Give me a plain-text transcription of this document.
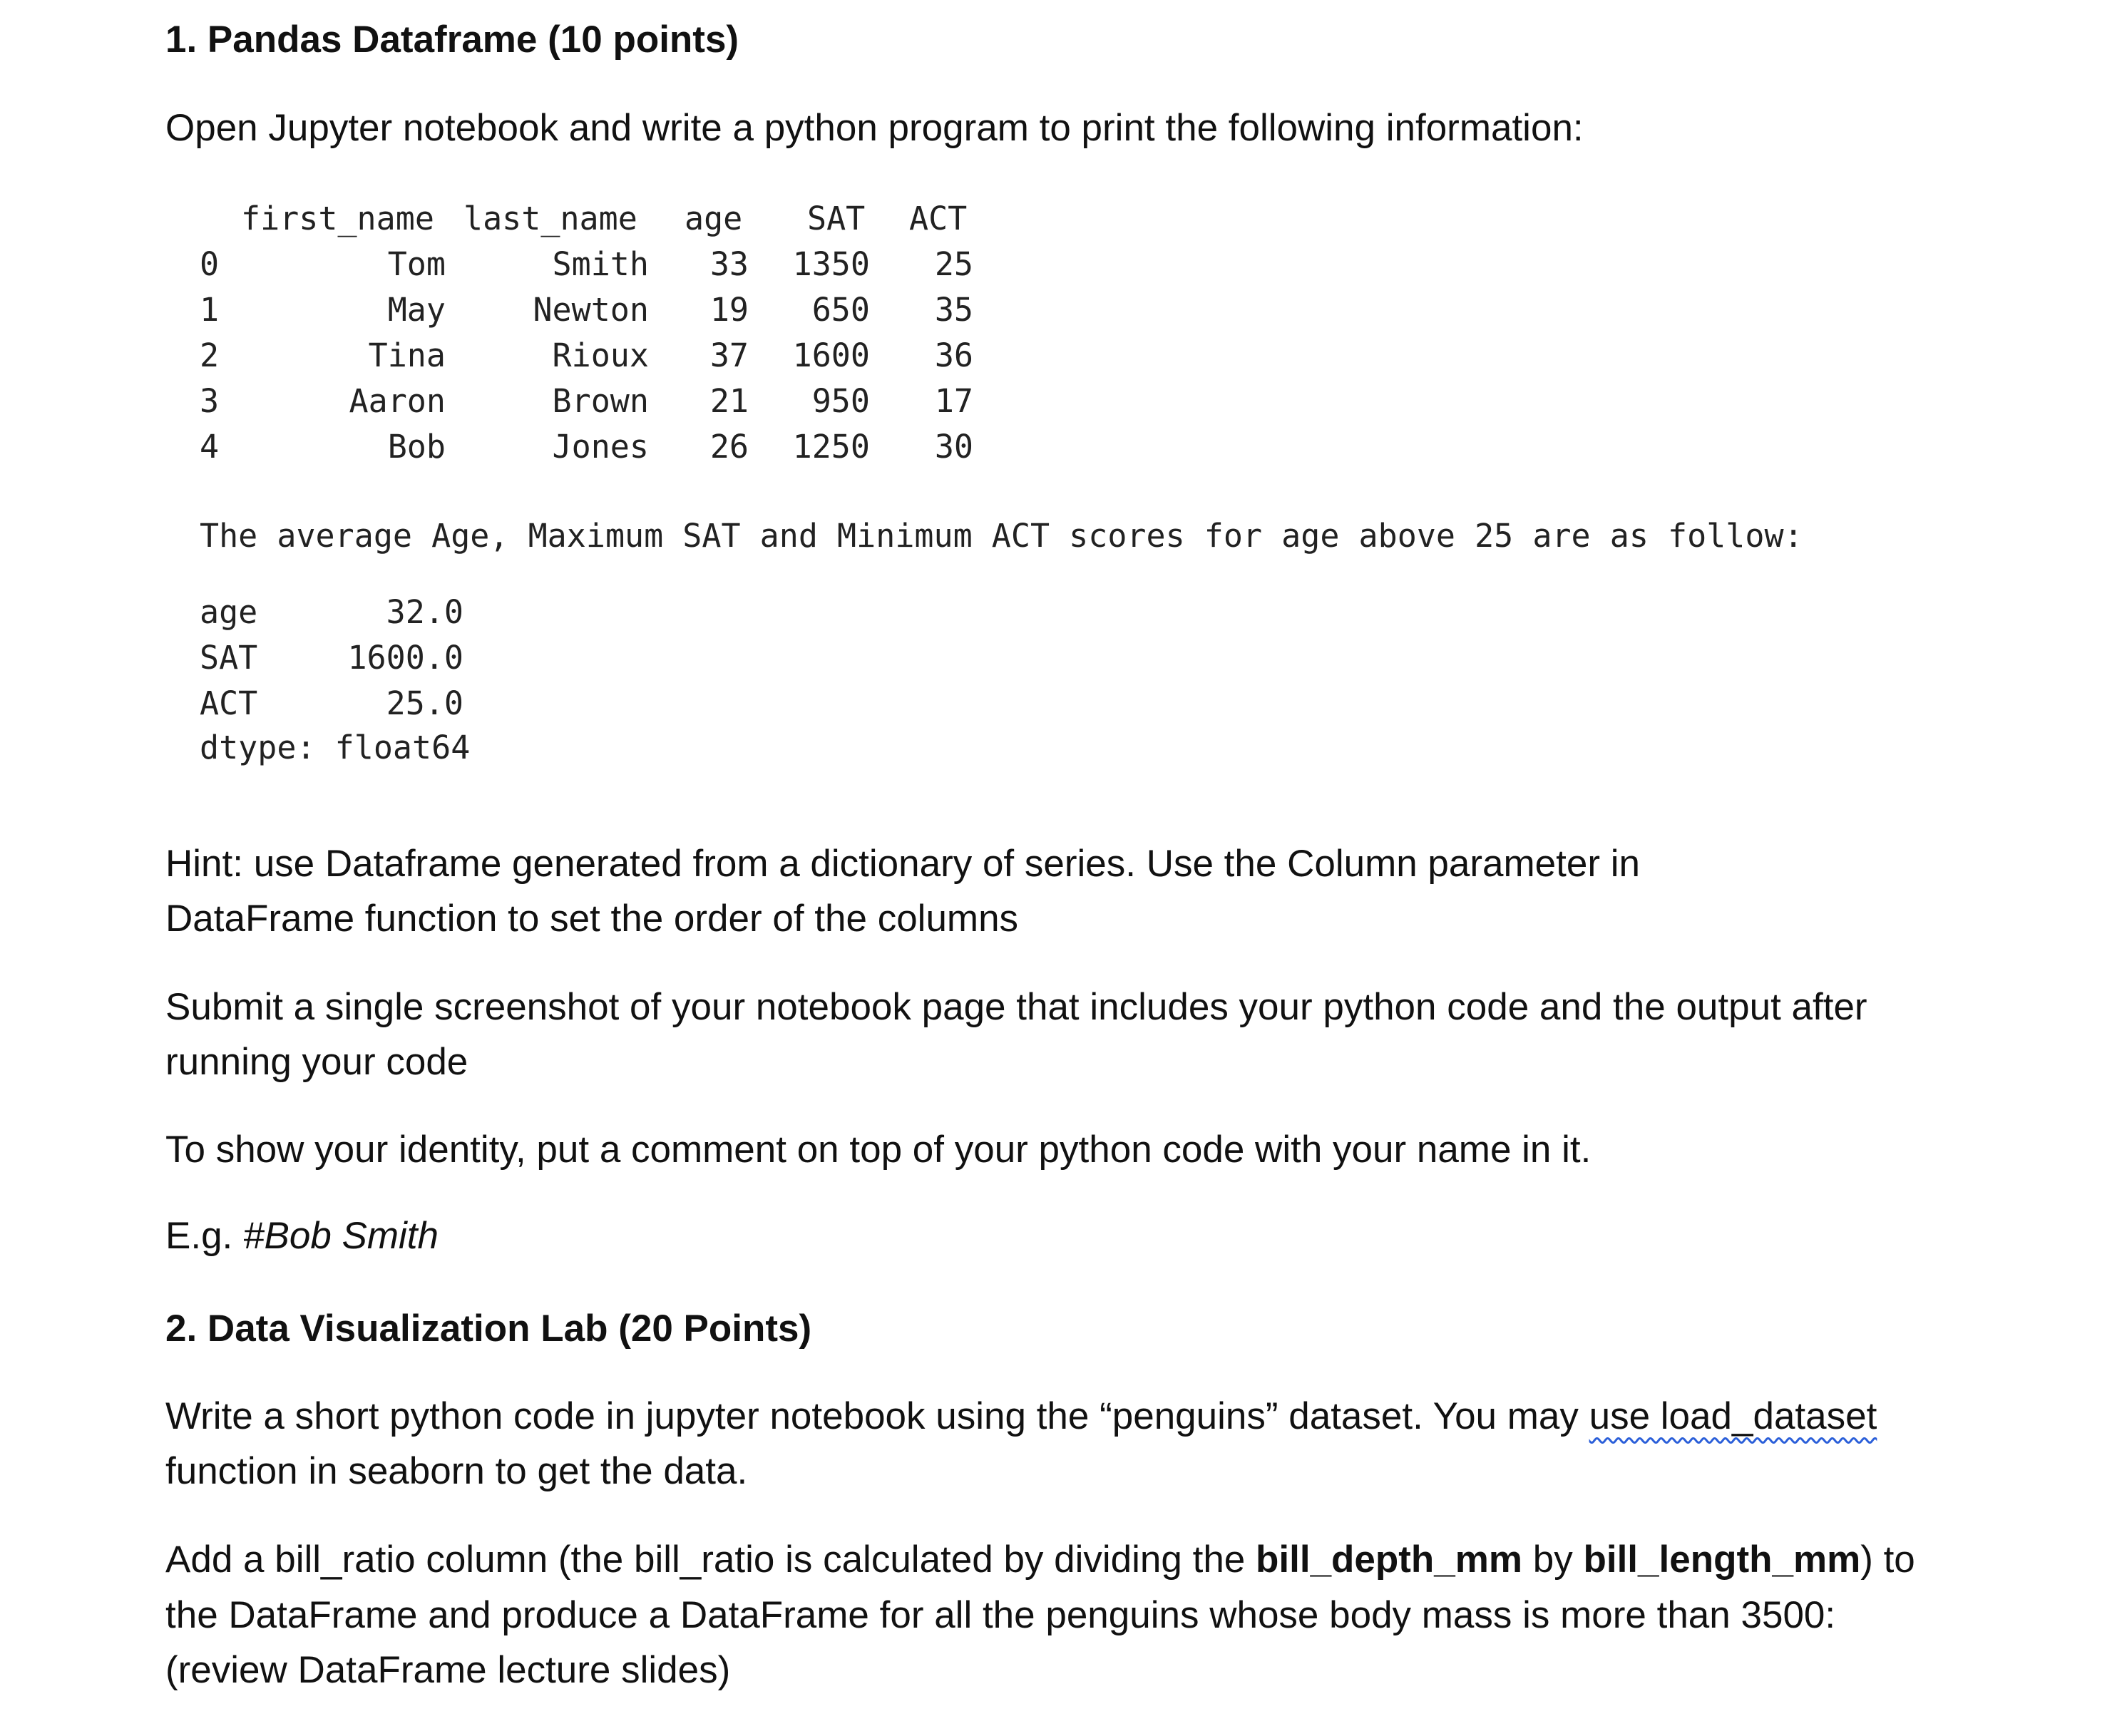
1. Pandas Dataframe (10 points)
Open Jupyter notebook and write a python program to print the following information:
first_name last_name age SAT ACT
0	Tom	Smith	33	1350	25
1	May	Newton	19	650	35
2	Tina	Rioux	37	1600	36
3	Aaron	Brown	21	950	17
4	Bob	Jones	26	1250	30
The average Age, Maximum SAT and Minimum ACT scores for age above 25 are as follow:
age	32.0
SAT	1600.0
ACT	25.0
dtype: float64
Hint: use Dataframe generated from a dictionary of series. Use the Column parameter in
DataFrame function to set the order of the columns
Submit a single screenshot of your notebook page that includes your python code and the output after
running your code
To show your identity, put a comment on top of your python code with your name in it.
E.g. #Bob Smith
2. Data Visualization Lab (20 Points)
Write a short python code in jupyter notebook using the “penguins” dataset. You may use load_dataset
function in seaborn to get the data.
Add a bill_ratio column (the bill_ratio is calculated by dividing the bill_depth_mm by bill_length_mm) to
the DataFrame and produce a DataFrame for all the penguins whose body mass is more than 3500:
(review DataFrame lecture slides)
